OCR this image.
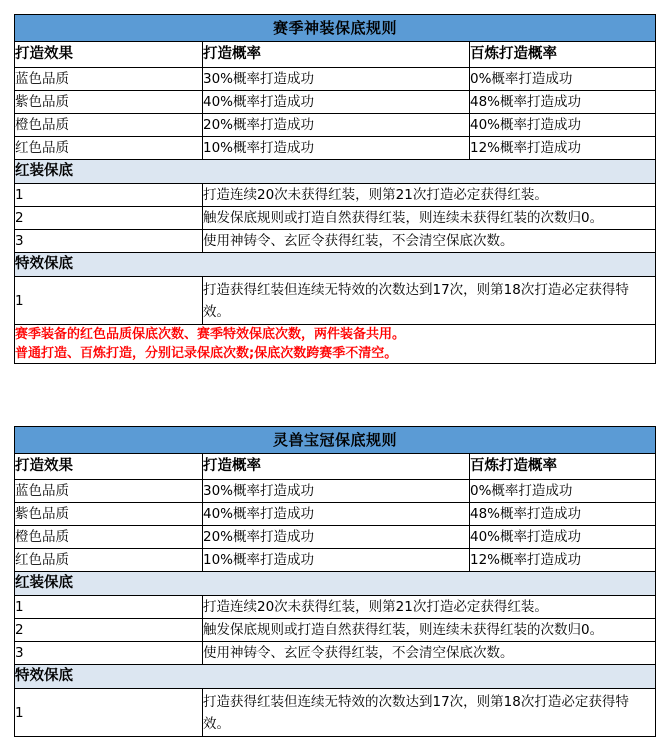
赛季神装保底规则		
打造效果	打造概率	百炼打造概率
蓝色品质	30%概率打造成功	0%概率打造成功
紫色品质	40%概率打造成功	48%概率打造成功
橙色品质	20%概率打造成功	40%概率打造成功
红色品质	10%概率打造成功	12%概率打造成功
红装保底		
1	打造连续20次未获得红装，则第21次打造必定获得红装。	
2	触发保底规则或打造自然获得红装，则连续未获得红装的次数归0。	
3	使用神铸令、玄匠令获得红装，不会清空保底次数。	
特效保底		
1	打造获得红装但连续无特效的次数达到17次，则第18次打造必定获得特效。	

赛季装备的红色品质保底次数、赛季特效保底次数，两件装备共用。
普通打造、百炼打造，分别记录保底次数;保底次数跨赛季不清空。		
灵兽宝冠保底规则		
打造效果	打造概率	百炼打造概率
蓝色品质	30%概率打造成功	0%概率打造成功
紫色品质	40%概率打造成功	48%概率打造成功
橙色品质	20%概率打造成功	40%概率打造成功
红色品质	10%概率打造成功	12%概率打造成功
红装保底		
1	打造连续20次未获得红装，则第21次打造必定获得红装。	
2	触发保底规则或打造自然获得红装，则连续未获得红装的次数归0。	
3	使用神铸令、玄匠令获得红装，不会清空保底次数。	
特效保底		
1	打造获得红装但连续无特效的次数达到17次，则第18次打造必定获得特效。	
